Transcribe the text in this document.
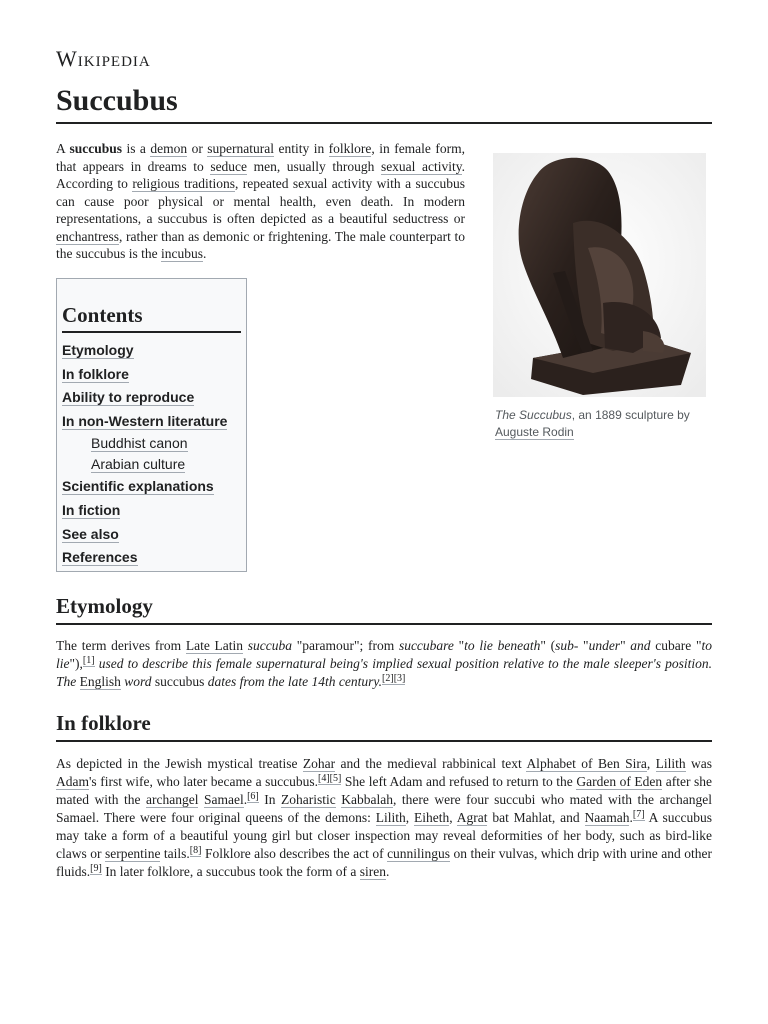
Wikipedia
Succubus

A succubus is a demon or supernatural entity in folklore, in female form, that appears in dreams to seduce men, usually through sexual activity. According to religious traditions, repeated sexual activity with a succubus can cause poor physical or mental health, even death. In modern representations, a succubus is often depicted as a beautiful seductress or enchantress, rather than as demonic or frightening. The male counterpart to the succubus is the incubus.

The Succubus, an 1889 sculpture by Auguste Rodin
Contents
Etymology
In folklore
Ability to reproduce
In non-Western literature
Buddhist canon
Arabian culture
Scientific explanations
In fiction
See also
References
Etymology

The term derives from Late Latin succuba "paramour"; from succubare "to lie beneath" (sub- "under" and cubare "to lie"),[1] used to describe this female supernatural being's implied sexual position relative to the male sleeper's position. The English word succubus dates from the late 14th century.[2][3]

In folklore

As depicted in the Jewish mystical treatise Zohar and the medieval rabbinical text Alphabet of Ben Sira, Lilith was Adam's first wife, who later became a succubus.[4][5] She left Adam and refused to return to the Garden of Eden after she mated with the archangel Samael.[6] In Zoharistic Kabbalah, there were four succubi who mated with the archangel Samael. There were four original queens of the demons: Lilith, Eiheth, Agrat bat Mahlat, and Naamah.[7] A succubus may take a form of a beautiful young girl but closer inspection may reveal deformities of her body, such as bird-like claws or serpentine tails.[8] Folklore also describes the act of cunnilingus on their vulvas, which drip with urine and other fluids.[9] In later folklore, a succubus took the form of a siren.
